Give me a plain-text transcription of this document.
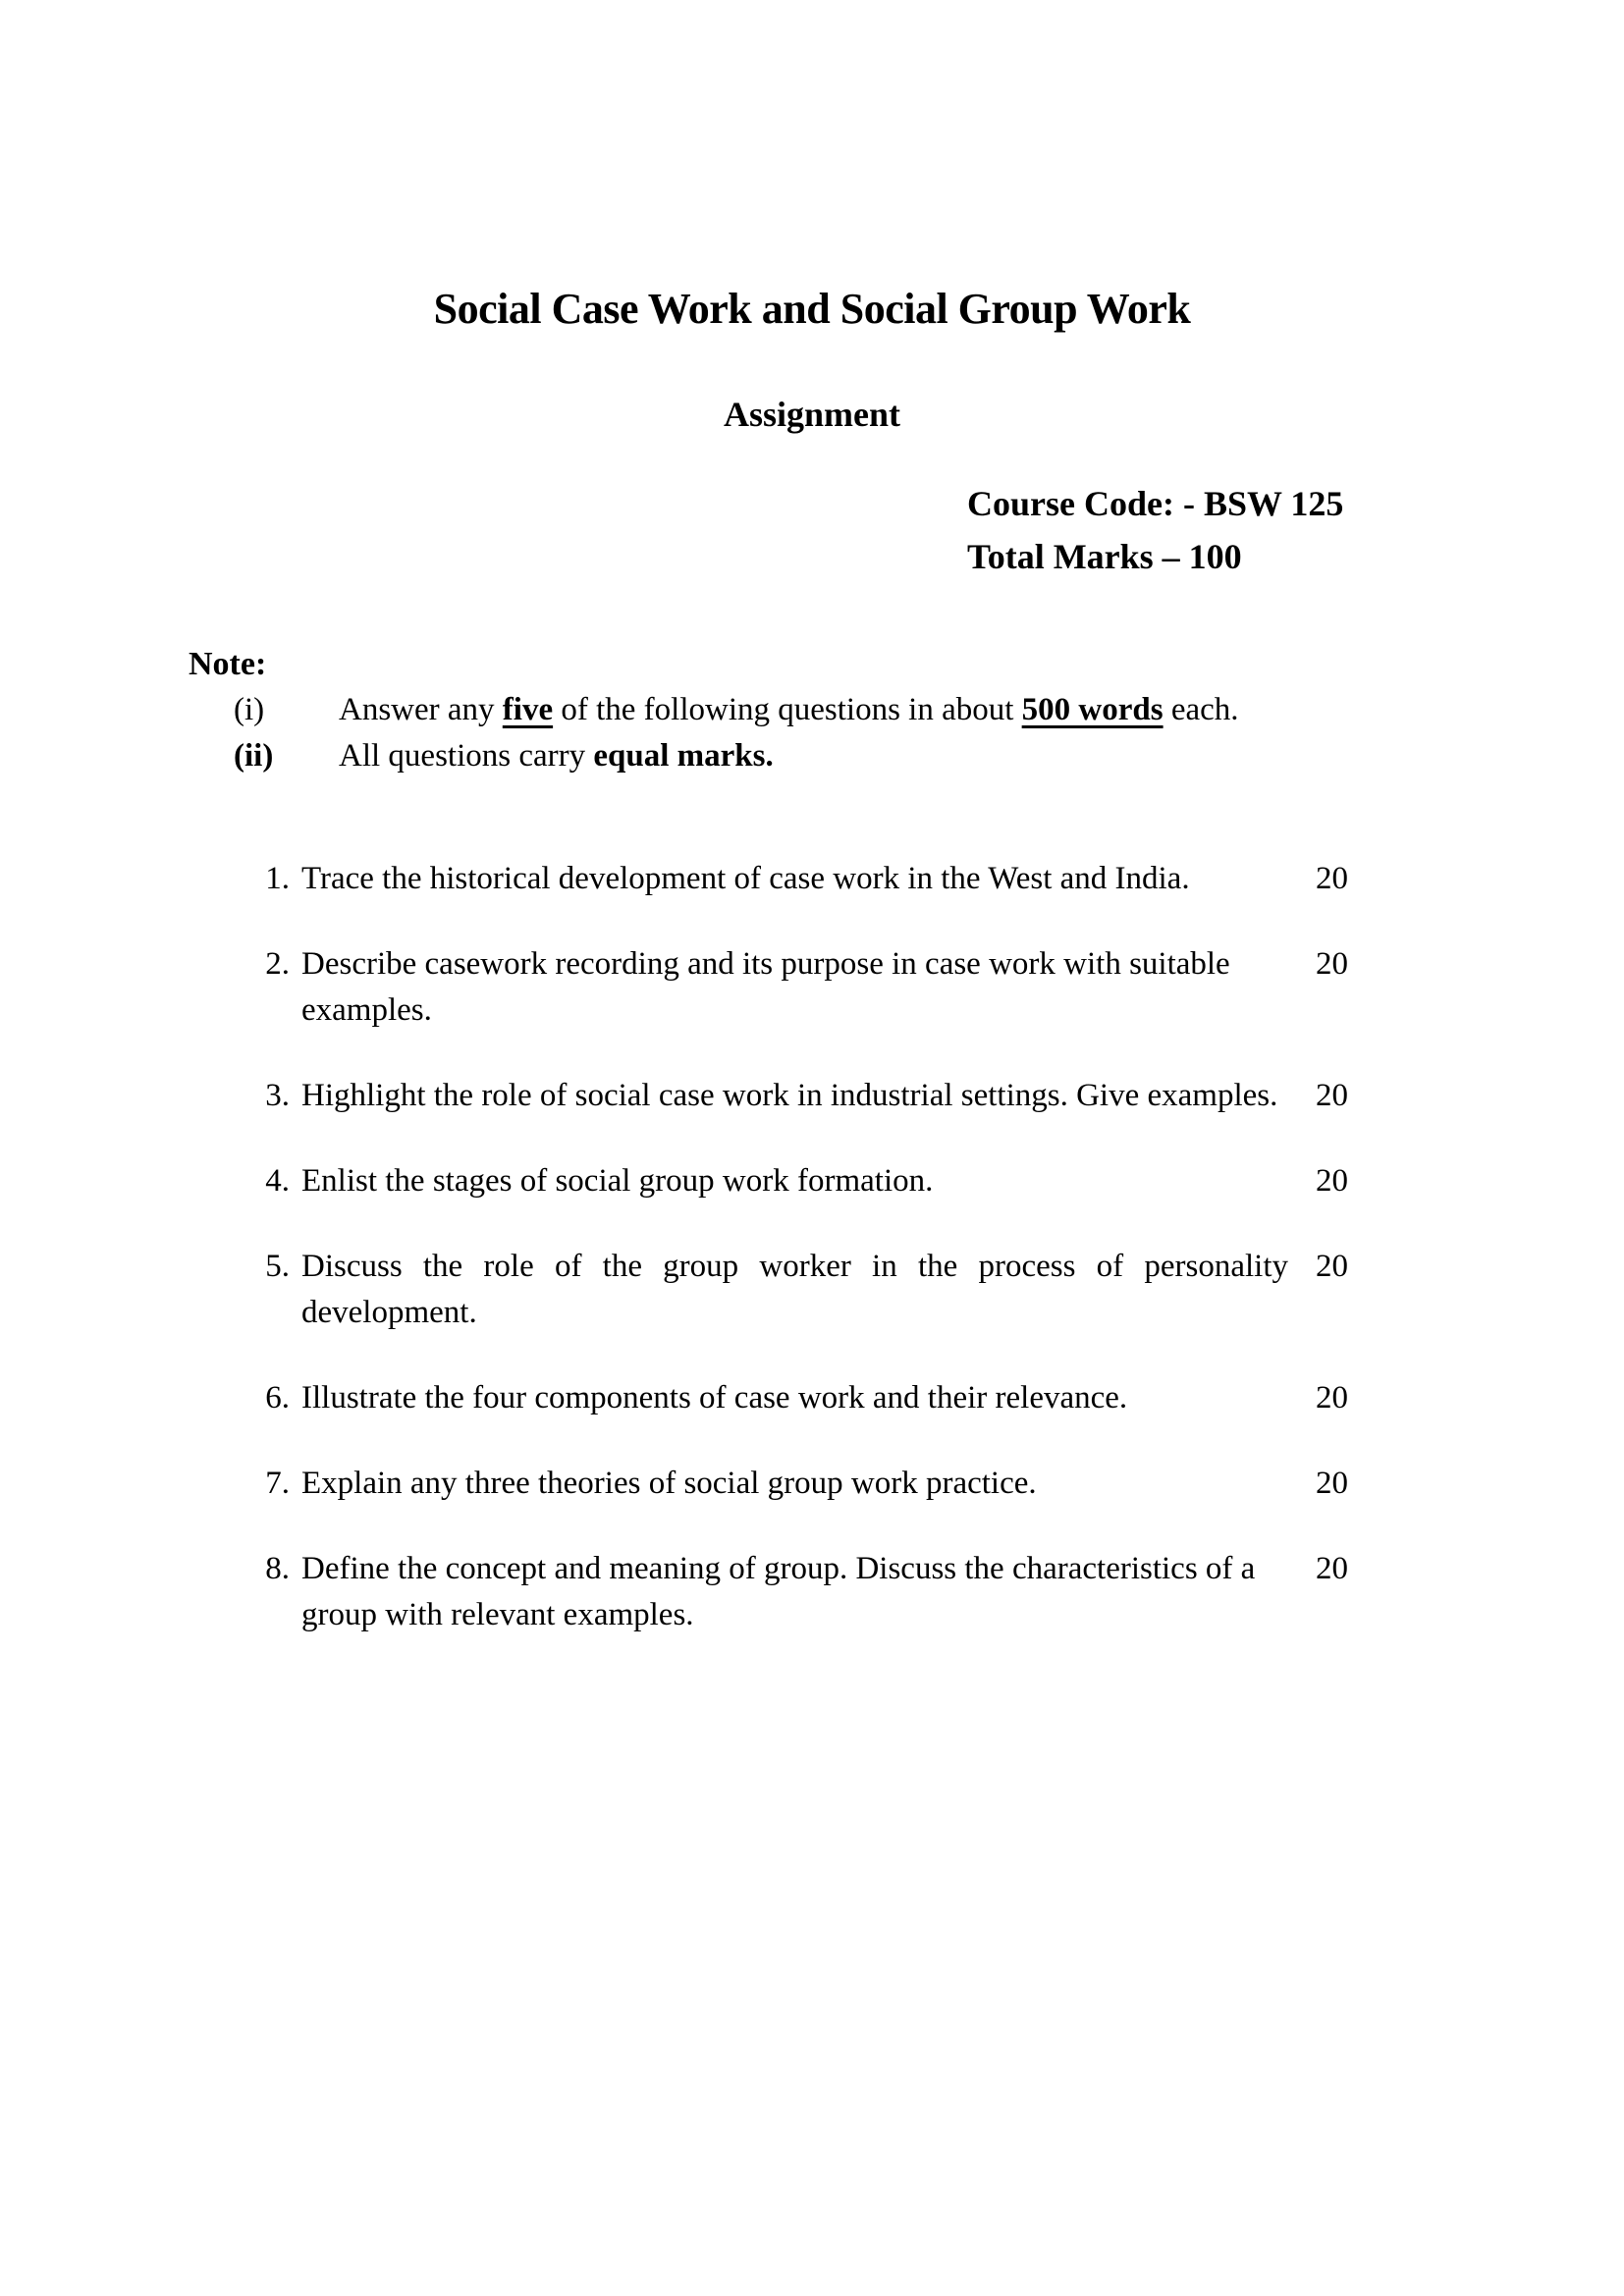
Social Case Work and Social Group Work
Assignment
Course Code: - BSW 125
Total Marks – 100
Note:
(i)	Answer any five of the following questions in about 500 words each.
(ii)	All questions carry equal marks.
1. Trace the historical development of case work in the West and India.	20
2. Describe casework recording and its purpose in case work with suitable examples.
20
3. Highlight the role of social case work in industrial settings. Give examples.	20
4. Enlist the stages of social group work formation.	20
5. Discuss the role of the group worker in the process of personality development.
20
6. Illustrate the four components of case work and their relevance.	20
7. Explain any three theories of social group work practice.	20
8. Define the concept and meaning of group. Discuss the characteristics of a group with relevant examples.
20
